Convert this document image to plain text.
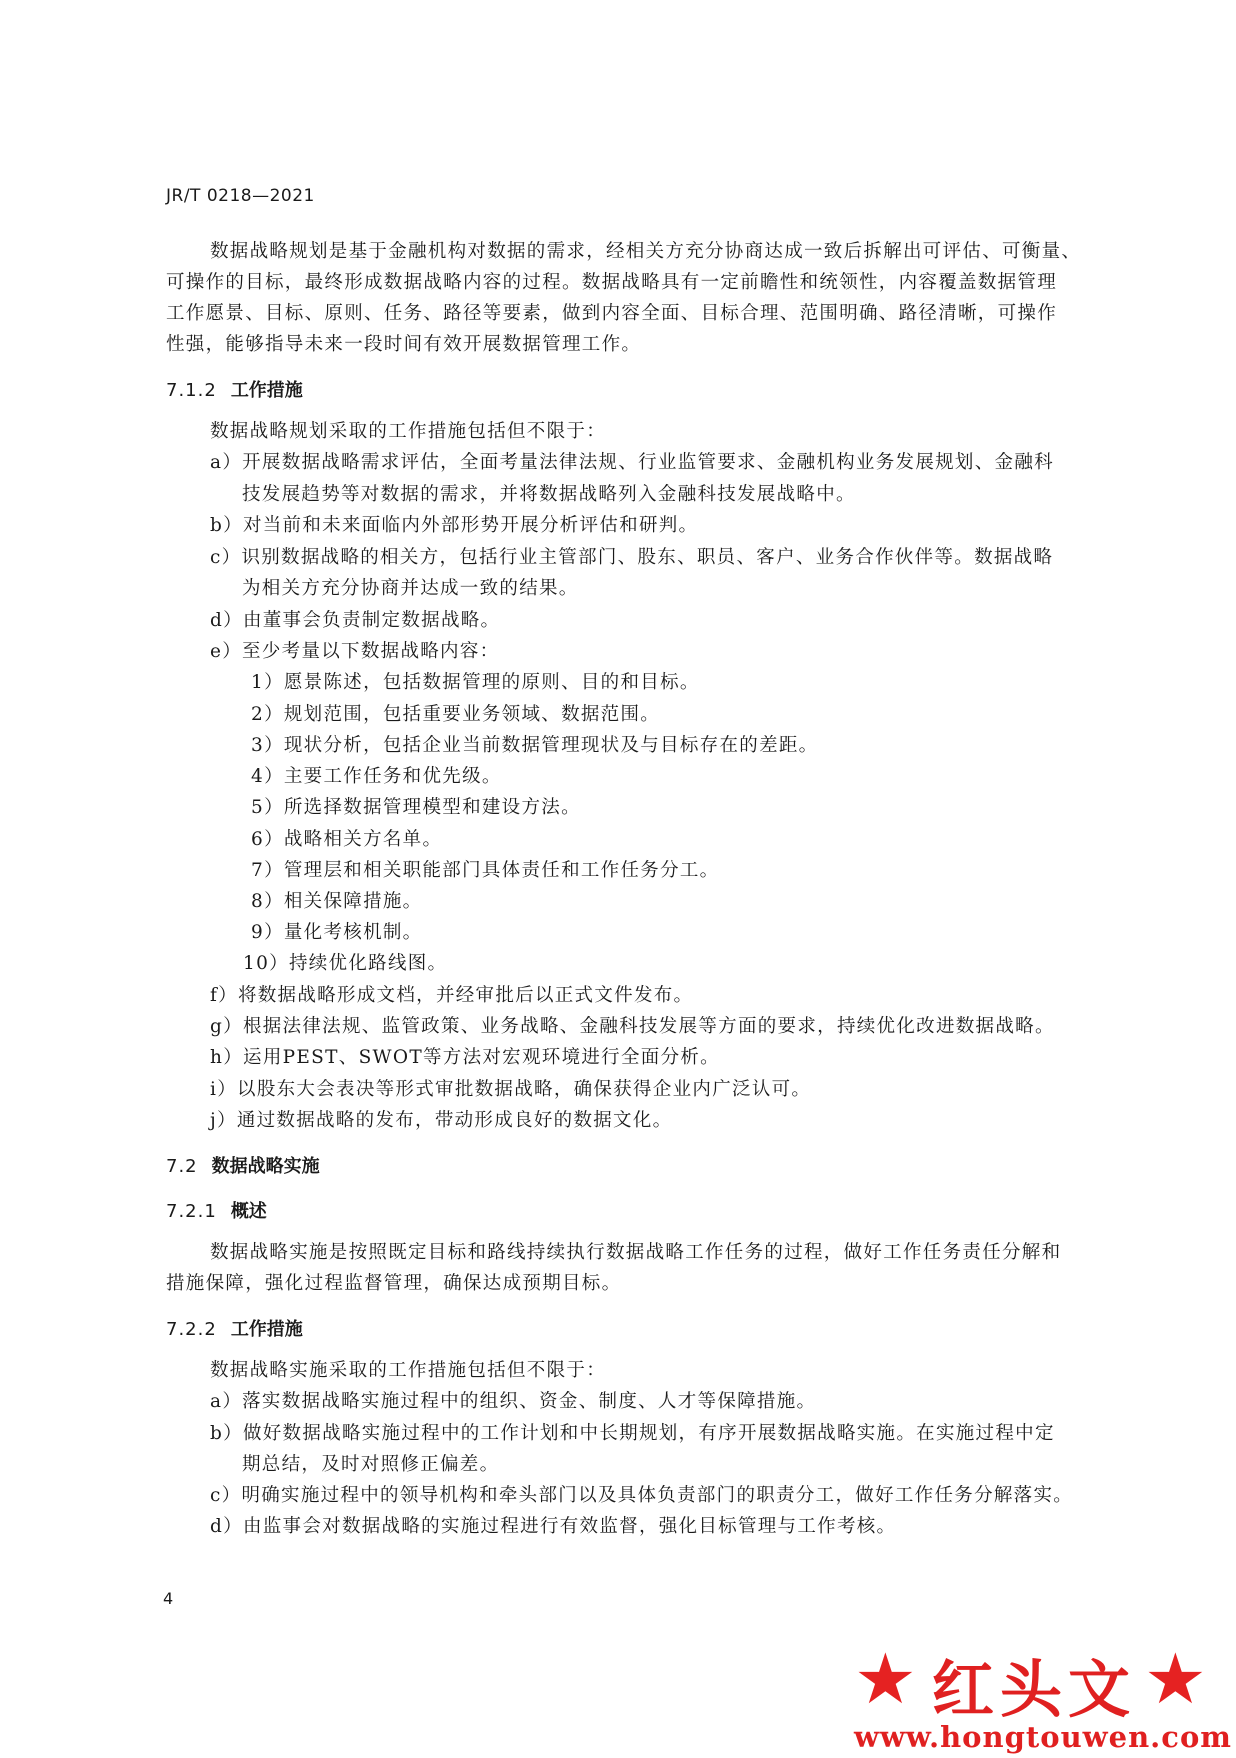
JR/T 0218—2021
数据战略规划是基于金融机构对数据的需求，经相关方充分协商达成一致后拆解出可评估、可衡量、
可操作的目标，最终形成数据战略内容的过程。数据战略具有一定前瞻性和统领性，内容覆盖数据管理
工作愿景、目标、原则、任务、路径等要素，做到内容全面、目标合理、范围明确、路径清晰，可操作
性强，能够指导未来一段时间有效开展数据管理工作。
7.1.2 工作措施
数据战略规划采取的工作措施包括但不限于：
a）开展数据战略需求评估，全面考量法律法规、行业监管要求、金融机构业务发展规划、金融科
技发展趋势等对数据的需求，并将数据战略列入金融科技发展战略中。
b）对当前和未来面临内外部形势开展分析评估和研判。
c）识别数据战略的相关方，包括行业主管部门、股东、职员、客户、业务合作伙伴等。数据战略
为相关方充分协商并达成一致的结果。
d）由董事会负责制定数据战略。
e）至少考量以下数据战略内容：
1）愿景陈述，包括数据管理的原则、目的和目标。
2）规划范围，包括重要业务领域、数据范围。
3）现状分析，包括企业当前数据管理现状及与目标存在的差距。
4）主要工作任务和优先级。
5）所选择数据管理模型和建设方法。
6）战略相关方名单。
7）管理层和相关职能部门具体责任和工作任务分工。
8）相关保障措施。
9）量化考核机制。
10）持续优化路线图。
f）将数据战略形成文档，并经审批后以正式文件发布。
g）根据法律法规、监管政策、业务战略、金融科技发展等方面的要求，持续优化改进数据战略。
h）运用PEST、SWOT等方法对宏观环境进行全面分析。
i）以股东大会表决等形式审批数据战略，确保获得企业内广泛认可。
j）通过数据战略的发布，带动形成良好的数据文化。
7.2 数据战略实施
7.2.1 概述
数据战略实施是按照既定目标和路线持续执行数据战略工作任务的过程，做好工作任务责任分解和
措施保障，强化过程监督管理，确保达成预期目标。
7.2.2 工作措施
数据战略实施采取的工作措施包括但不限于：
a）落实数据战略实施过程中的组织、资金、制度、人才等保障措施。
b）做好数据战略实施过程中的工作计划和中长期规划，有序开展数据战略实施。在实施过程中定
期总结，及时对照修正偏差。
c）明确实施过程中的领导机构和牵头部门以及具体负责部门的职责分工，做好工作任务分解落实。
d）由监事会对数据战略的实施过程进行有效监督，强化目标管理与工作考核。
4
★ 红头文 ★
www.hongtouwen.com
